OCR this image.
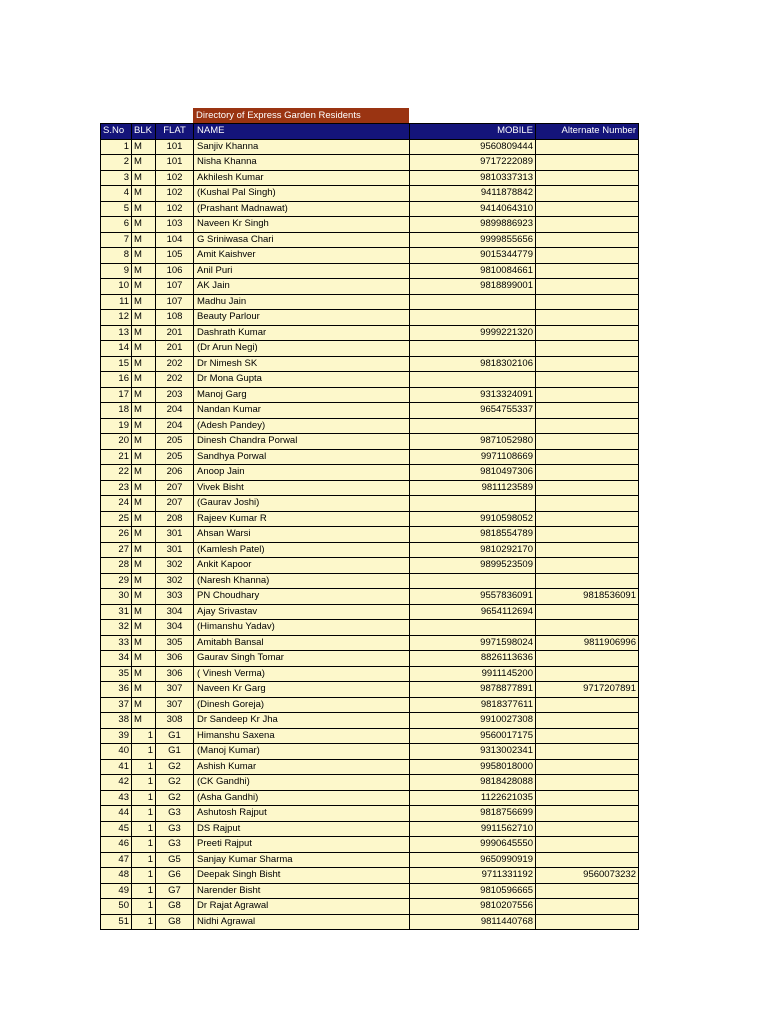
Directory of Express Garden Residents
S.No	BLK	FLAT	NAME	MOBILE	Alternate Number
1	M	101	Sanjiv Khanna	9560809444	
2	M	101	Nisha Khanna	9717222089	
3	M	102	Akhilesh Kumar	9810337313	
4	M	102	(Kushal Pal Singh)	9411878842	
5	M	102	(Prashant Madnawat)	9414064310	
6	M	103	Naveen Kr Singh	9899886923	
7	M	104	G Sriniwasa Chari	9999855656	
8	M	105	Amit Kaishver	9015344779	
9	M	106	Anil Puri	9810084661	
10	M	107	AK Jain	9818899001	
11	M	107	Madhu Jain		
12	M	108	Beauty Parlour		
13	M	201	Dashrath Kumar	9999221320	
14	M	201	(Dr Arun Negi)		
15	M	202	Dr Nimesh SK	9818302106	
16	M	202	Dr Mona Gupta		
17	M	203	Manoj Garg	9313324091	
18	M	204	Nandan Kumar	9654755337	
19	M	204	(Adesh Pandey)		
20	M	205	Dinesh Chandra Porwal	9871052980	
21	M	205	Sandhya Porwal	9971108669	
22	M	206	Anoop Jain	9810497306	
23	M	207	Vivek Bisht	9811123589	
24	M	207	(Gaurav Joshi)		
25	M	208	Rajeev Kumar R	9910598052	
26	M	301	Ahsan Warsi	9818554789	
27	M	301	(Kamlesh Patel)	9810292170	
28	M	302	Ankit Kapoor	9899523509	
29	M	302	(Naresh Khanna)		
30	M	303	PN Choudhary	9557836091	9818536091
31	M	304	Ajay Srivastav	9654112694	
32	M	304	(Himanshu Yadav)		
33	M	305	Amitabh Bansal	9971598024	9811906996
34	M	306	Gaurav Singh Tomar	8826113636	
35	M	306	( Vinesh Verma)	9911145200	
36	M	307	Naveen Kr Garg	9878877891	9717207891
37	M	307	(Dinesh Goreja)	9818377611	
38	M	308	Dr Sandeep Kr Jha	9910027308	
39	1	G1	Himanshu Saxena	9560017175	
40	1	G1	(Manoj Kumar)	9313002341	
41	1	G2	Ashish Kumar	9958018000	
42	1	G2	(CK Gandhi)	9818428088	
43	1	G2	(Asha Gandhi)	1122621035	
44	1	G3	Ashutosh Rajput	9818756699	
45	1	G3	DS Rajput	9911562710	
46	1	G3	Preeti Rajput	9990645550	
47	1	G5	Sanjay Kumar Sharma	9650990919	
48	1	G6	Deepak Singh Bisht	9711331192	9560073232
49	1	G7	Narender Bisht	9810596665	
50	1	G8	Dr Rajat Agrawal	9810207556	
51	1	G8	Nidhi Agrawal	9811440768	
